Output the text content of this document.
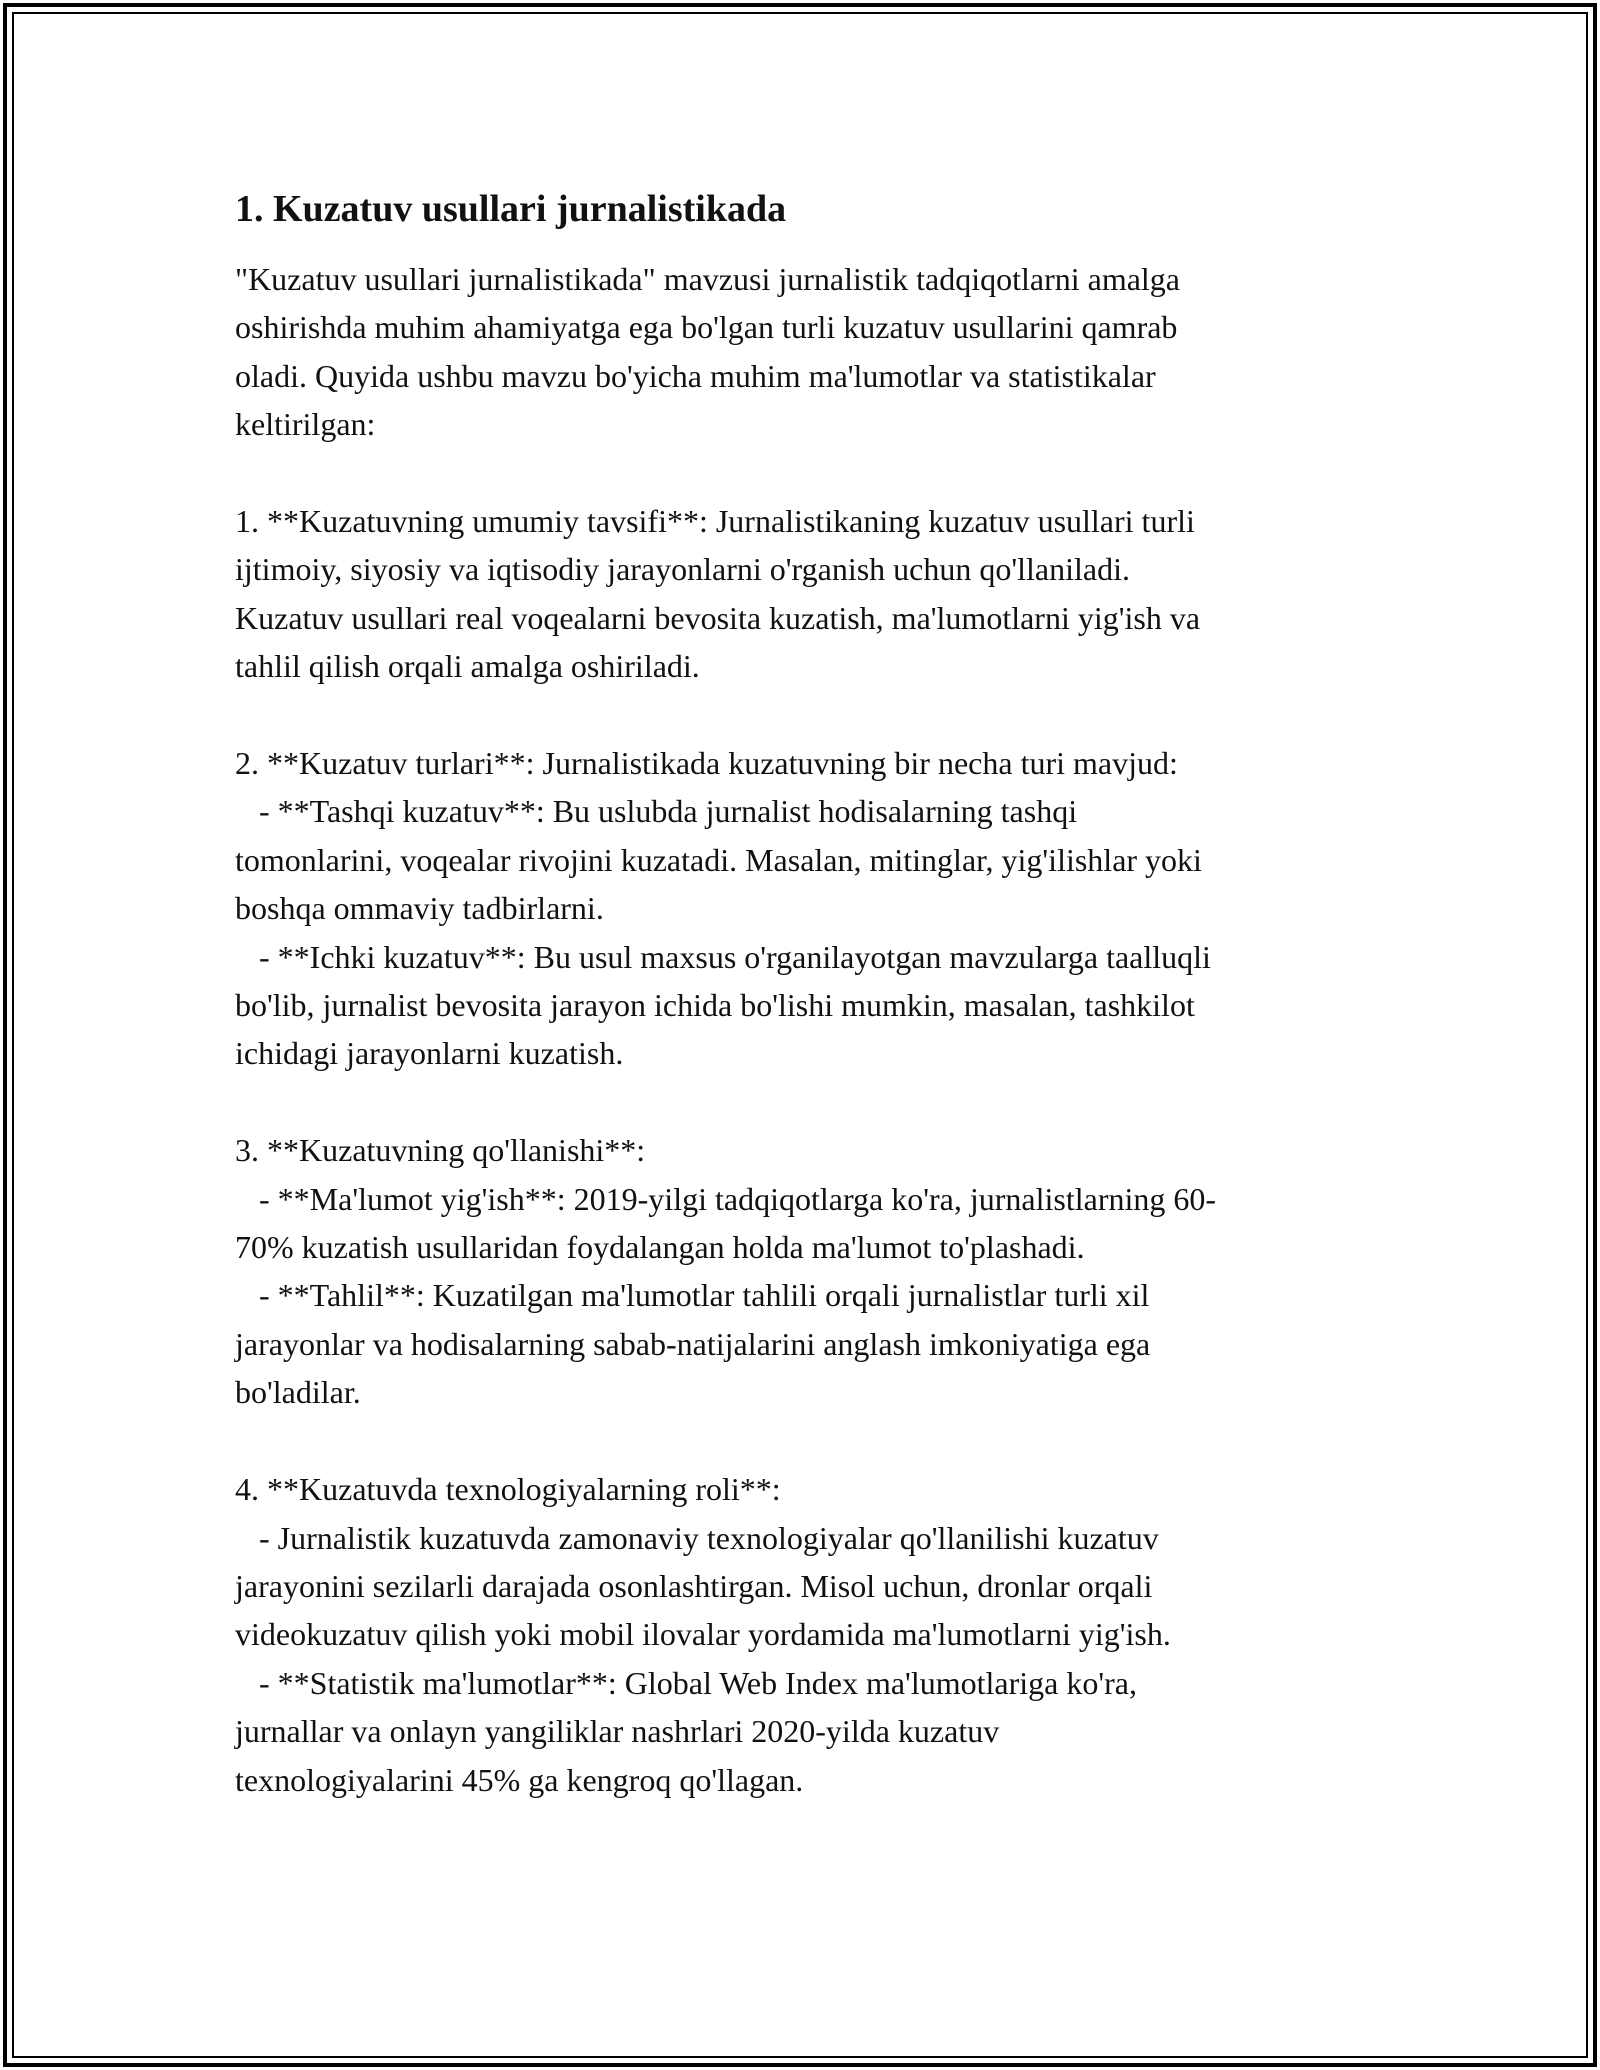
1. Kuzatuv usullari jurnalistikada

"Kuzatuv usullari jurnalistikada" mavzusi jurnalistik tadqiqotlarni amalga
oshirishda muhim ahamiyatga ega bo'lgan turli kuzatuv usullarini qamrab
oladi. Quyida ushbu mavzu bo'yicha muhim ma'lumotlar va statistikalar
keltirilgan:

1. **Kuzatuvning umumiy tavsifi**: Jurnalistikaning kuzatuv usullari turli
ijtimoiy, siyosiy va iqtisodiy jarayonlarni o'rganish uchun qo'llaniladi.
Kuzatuv usullari real voqealarni bevosita kuzatish, ma'lumotlarni yig'ish va
tahlil qilish orqali amalga oshiriladi.

2. **Kuzatuv turlari**: Jurnalistikada kuzatuvning bir necha turi mavjud:
- **Tashqi kuzatuv**: Bu uslubda jurnalist hodisalarning tashqi
tomonlarini, voqealar rivojini kuzatadi. Masalan, mitinglar, yig'ilishlar yoki
boshqa ommaviy tadbirlarni.
- **Ichki kuzatuv**: Bu usul maxsus o'rganilayotgan mavzularga taalluqli
bo'lib, jurnalist bevosita jarayon ichida bo'lishi mumkin, masalan, tashkilot
ichidagi jarayonlarni kuzatish.

3. **Kuzatuvning qo'llanishi**:
- **Ma'lumot yig'ish**: 2019-yilgi tadqiqotlarga ko'ra, jurnalistlarning 60-
70% kuzatish usullaridan foydalangan holda ma'lumot to'plashadi.
- **Tahlil**: Kuzatilgan ma'lumotlar tahlili orqali jurnalistlar turli xil
jarayonlar va hodisalarning sabab-natijalarini anglash imkoniyatiga ega
bo'ladilar.

4. **Kuzatuvda texnologiyalarning roli**:
- Jurnalistik kuzatuvda zamonaviy texnologiyalar qo'llanilishi kuzatuv
jarayonini sezilarli darajada osonlashtirgan. Misol uchun, dronlar orqali
videokuzatuv qilish yoki mobil ilovalar yordamida ma'lumotlarni yig'ish.
- **Statistik ma'lumotlar**: Global Web Index ma'lumotlariga ko'ra,
jurnallar va onlayn yangiliklar nashrlari 2020-yilda kuzatuv
texnologiyalarini 45% ga kengroq qo'llagan.
